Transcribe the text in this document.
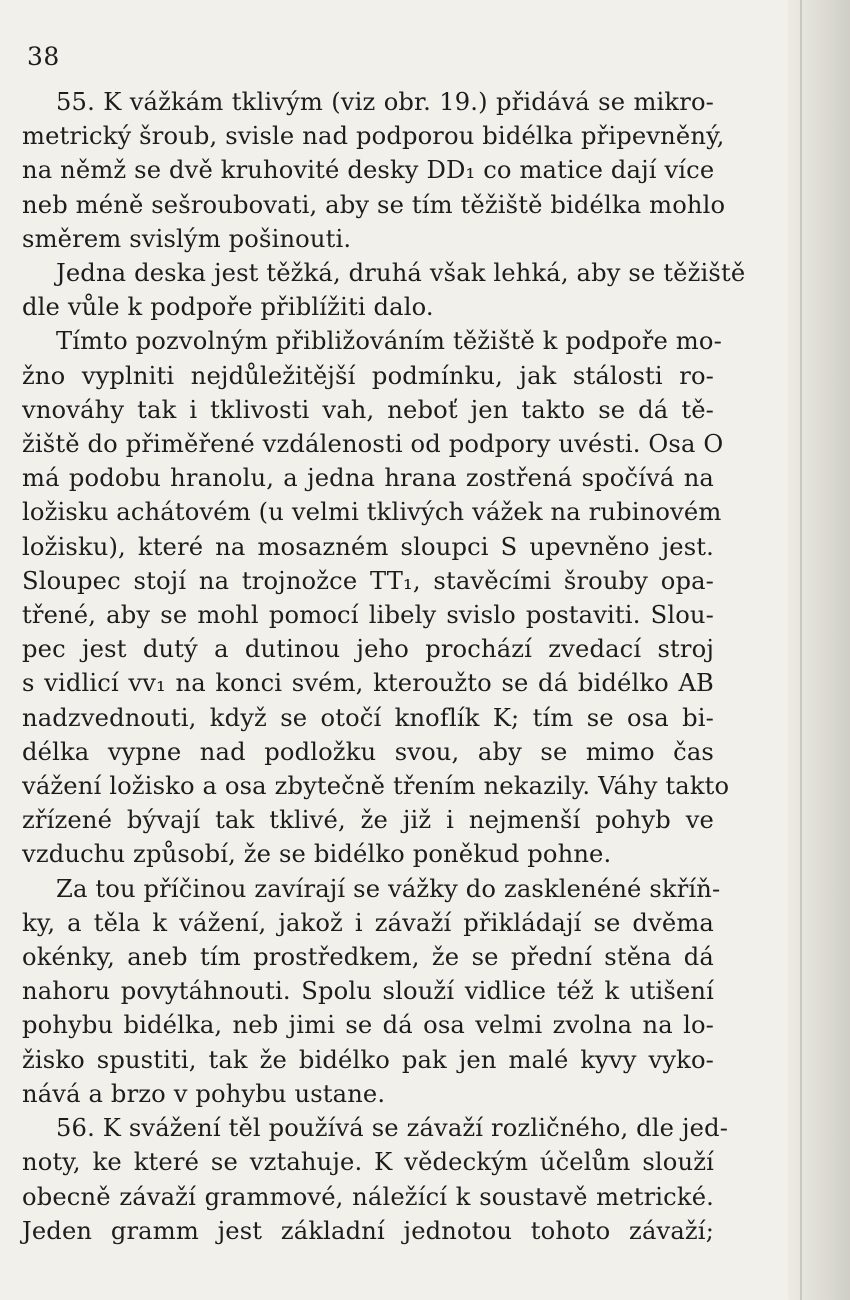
38
55. K vážkám tklivým (viz obr. 19.) přidává se mikro-
metrický šroub, svisle nad podporou bidélka připevněný,
na němž se dvě kruhovité desky DD₁ co matice dají více
neb méně sešroubovati, aby se tím těžiště bidélka mohlo
směrem svislým pošinouti.
Jedna deska jest těžká, druhá však lehká, aby se těžiště
dle vůle k podpoře přiblížiti dalo.
Tímto pozvolným přibližováním těžiště k podpoře mo-
žno vyplniti nejdůležitější podmínku, jak stálosti ro-
vnováhy tak i tklivosti vah, neboť jen takto se dá tě-
žiště do přiměřené vzdálenosti od podpory uvésti. Osa O
má podobu hranolu, a jedna hrana zostřená spočívá na
ložisku achátovém (u velmi tklivých vážek na rubinovém
ložisku), které na mosazném sloupci S upevněno jest.
Sloupec stojí na trojnožce TT₁, stavěcími šrouby opa-
třené, aby se mohl pomocí libely svislo postaviti. Slou-
pec jest dutý a dutinou jeho prochází zvedací stroj
s vidlicí vv₁ na konci svém, kteroužto se dá bidélko AB
nadzvednouti, když se otočí knoflík K; tím se osa bi-
délka vypne nad podložku svou, aby se mimo čas
vážení ložisko a osa zbytečně třením nekazily. Váhy takto
zřízené bývají tak tklivé, že již i nejmenší pohyb ve
vzduchu způsobí, že se bidélko poněkud pohne.
Za tou příčinou zavírají se vážky do zasklenéné skříň-
ky, a těla k vážení, jakož i závaží přikládají se dvěma
okénky, aneb tím prostředkem, že se přední stěna dá
nahoru povytáhnouti. Spolu slouží vidlice též k utišení
pohybu bidélka, neb jimi se dá osa velmi zvolna na lo-
žisko spustiti, tak že bidélko pak jen malé kyvy vyko-
nává a brzo v pohybu ustane.
56. K svážení těl používá se závaží rozličného, dle jed-
noty, ke které se vztahuje. K vědeckým účelům slouží
obecně závaží grammové, náležící k soustavě metrické.
Jeden gramm jest základní jednotou tohoto závaží;
